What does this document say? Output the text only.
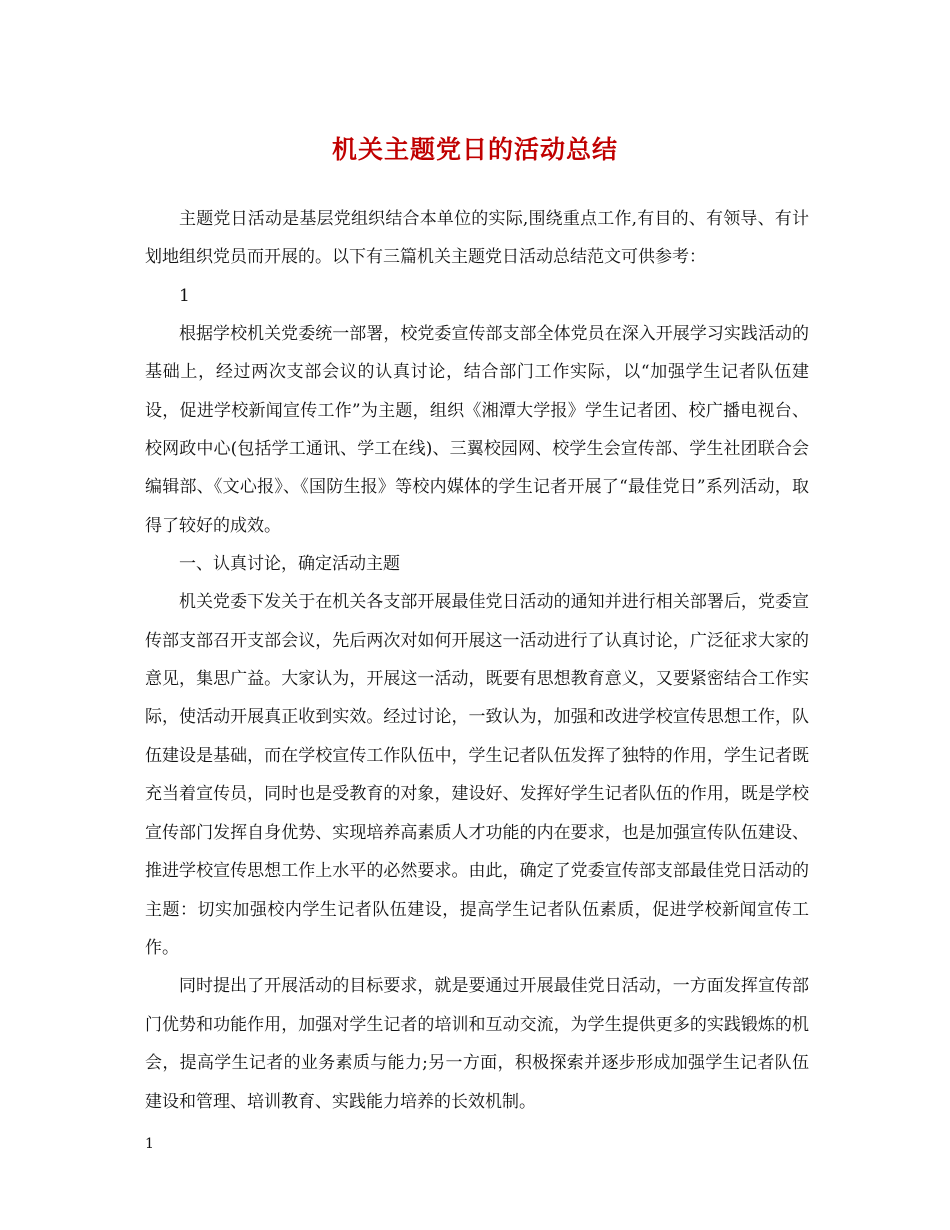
机关主题党日的活动总结

主题党日活动是基层党组织结合本单位的实际,围绕重点工作,有目的、有领导、有计划地组织党员而开展的。以下有三篇机关主题党日活动总结范文可供参考：

1

根据学校机关党委统一部署，校党委宣传部支部全体党员在深入开展学习实践活动的基础上，经过两次支部会议的认真讨论，结合部门工作实际，以“加强学生记者队伍建设，促进学校新闻宣传工作”为主题，组织《湘潭大学报》学生记者团、校广播电视台、校网政中心(包括学工通讯、学工在线)、三翼校园网、校学生会宣传部、学生社团联合会编辑部、《文心报》、《国防生报》等校内媒体的学生记者开展了“最佳党日”系列活动，取得了较好的成效。

一、认真讨论，确定活动主题

机关党委下发关于在机关各支部开展最佳党日活动的通知并进行相关部署后，党委宣传部支部召开支部会议，先后两次对如何开展这一活动进行了认真讨论，广泛征求大家的意见，集思广益。大家认为，开展这一活动，既要有思想教育意义，又要紧密结合工作实际，使活动开展真正收到实效。经过讨论，一致认为，加强和改进学校宣传思想工作，队伍建设是基础，而在学校宣传工作队伍中，学生记者队伍发挥了独特的作用，学生记者既充当着宣传员，同时也是受教育的对象，建设好、发挥好学生记者队伍的作用，既是学校宣传部门发挥自身优势、实现培养高素质人才功能的内在要求，也是加强宣传队伍建设、推进学校宣传思想工作上水平的必然要求。由此，确定了党委宣传部支部最佳党日活动的主题：切实加强校内学生记者队伍建设，提高学生记者队伍素质，促进学校新闻宣传工作。

同时提出了开展活动的目标要求，就是要通过开展最佳党日活动，一方面发挥宣传部门优势和功能作用，加强对学生记者的培训和互动交流，为学生提供更多的实践锻炼的机会，提高学生记者的业务素质与能力;另一方面，积极探索并逐步形成加强学生记者队伍建设和管理、培训教育、实践能力培养的长效机制。

1
